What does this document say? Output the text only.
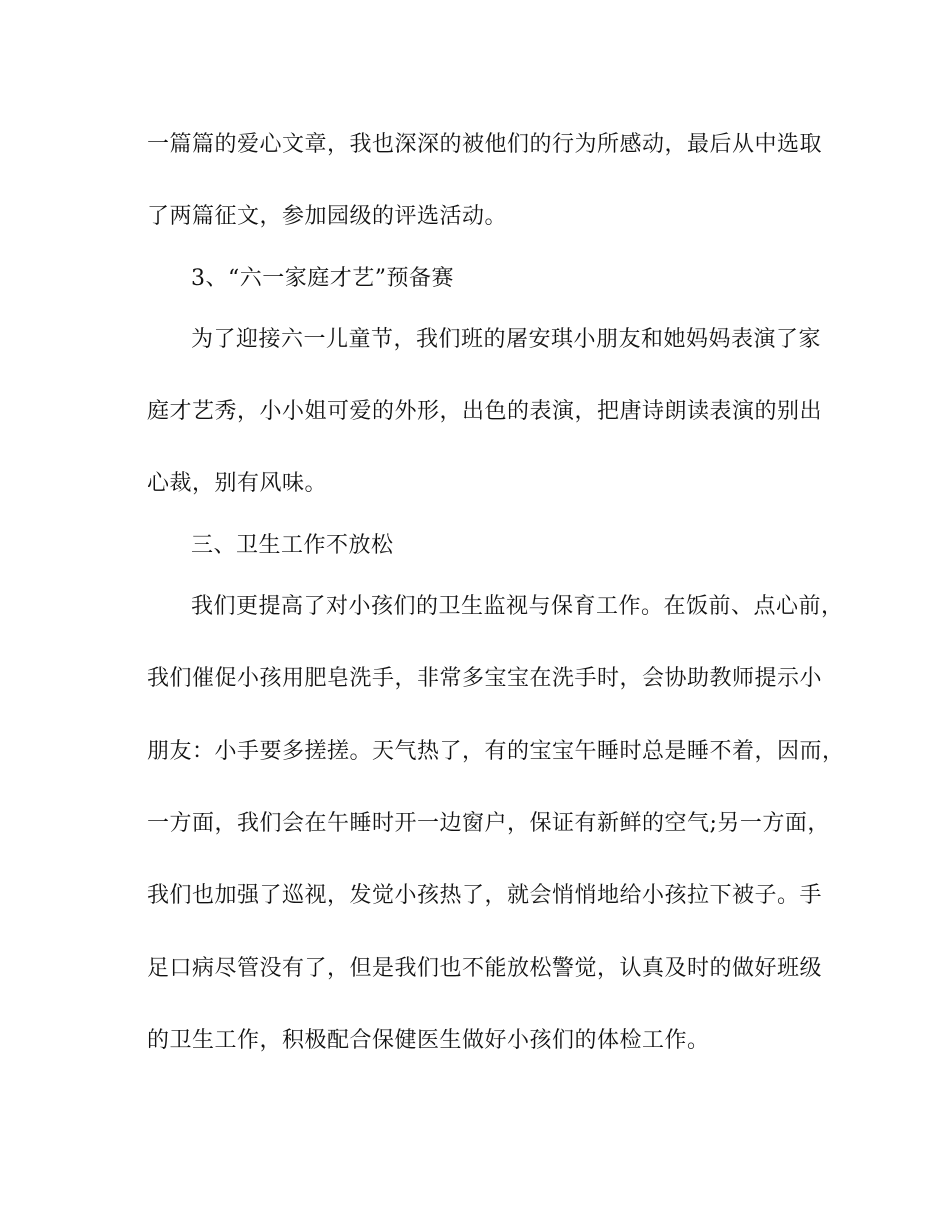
一篇篇的爱心文章，我也深深的被他们的行为所感动，最后从中选取
了两篇征文，参加园级的评选活动。
3、“六一家庭才艺”预备赛
为了迎接六一儿童节，我们班的屠安琪小朋友和她妈妈表演了家
庭才艺秀，小小姐可爱的外形，出色的表演，把唐诗朗读表演的别出
心裁，别有风味。
三、卫生工作不放松
我们更提高了对小孩们的卫生监视与保育工作。在饭前、点心前，
我们催促小孩用肥皂洗手，非常多宝宝在洗手时，会协助教师提示小
朋友：小手要多搓搓。天气热了，有的宝宝午睡时总是睡不着，因而，
一方面，我们会在午睡时开一边窗户，保证有新鲜的空气;另一方面，
我们也加强了巡视，发觉小孩热了，就会悄悄地给小孩拉下被子。手
足口病尽管没有了，但是我们也不能放松警觉，认真及时的做好班级
的卫生工作，积极配合保健医生做好小孩们的体检工作。
